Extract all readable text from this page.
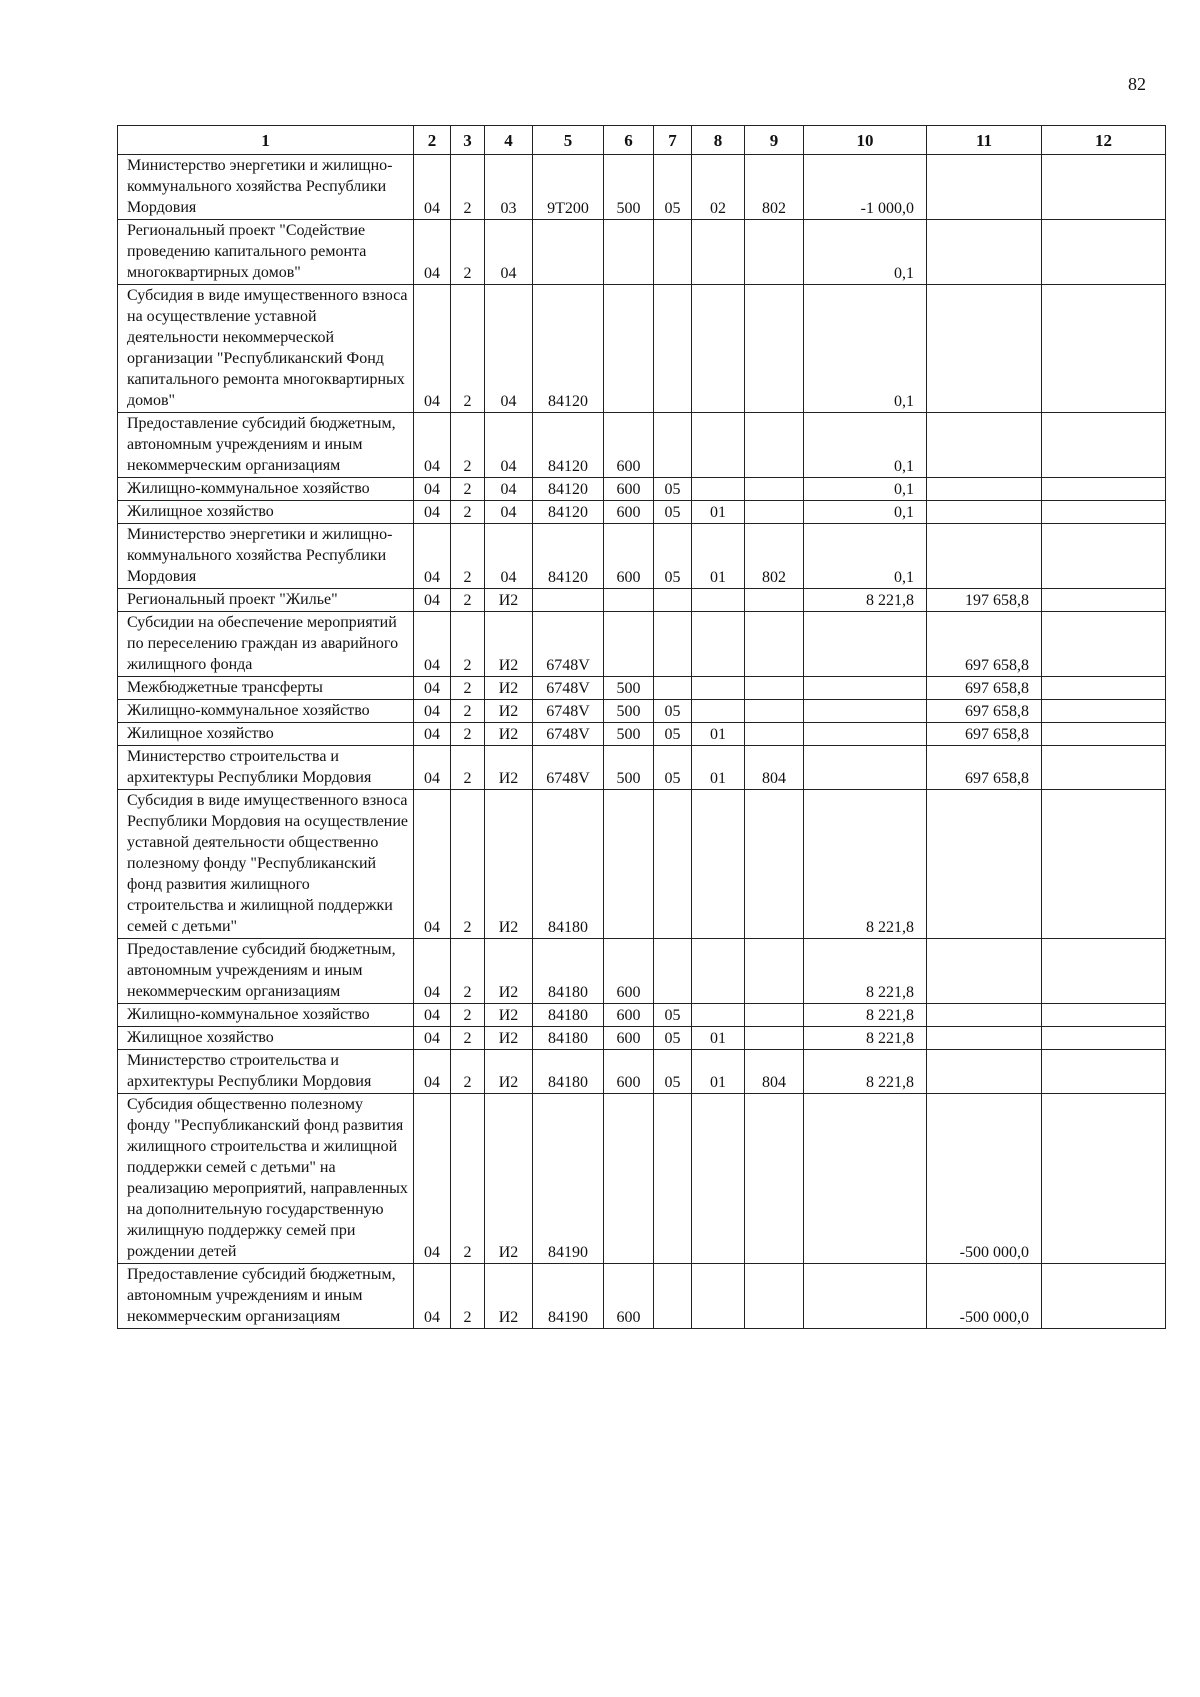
82
1	2	3	4	5	6	7	8	9	10	11	12
Министерство энергетики и жилищно-коммунального хозяйства Республики Мордовия	04	2	03	9Т200	500	05	02	802	-1 000,0		
Региональный проект "Содействие проведению капитального ремонта многоквартирных домов"	04	2	04						0,1		
Субсидия в виде имущественного взноса на осуществление уставной деятельности некоммерческой организации "Республиканский Фонд капитального ремонта многоквартирных домов"	04	2	04	84120					0,1		
Предоставление субсидий бюджетным, автономным учреждениям и иным некоммерческим организациям	04	2	04	84120	600				0,1		
Жилищно-коммунальное хозяйство	04	2	04	84120	600	05			0,1		
Жилищное хозяйство	04	2	04	84120	600	05	01		0,1		
Министерство энергетики и жилищно-коммунального хозяйства Республики Мордовия	04	2	04	84120	600	05	01	802	0,1		
Региональный проект "Жилье"	04	2	И2						8 221,8	197 658,8	
Субсидии на обеспечение мероприятий по переселению граждан из аварийного жилищного фонда	04	2	И2	6748V						697 658,8	
Межбюджетные трансферты	04	2	И2	6748V	500					697 658,8	
Жилищно-коммунальное хозяйство	04	2	И2	6748V	500	05				697 658,8	
Жилищное хозяйство	04	2	И2	6748V	500	05	01			697 658,8	
Министерство строительства и архитектуры Республики Мордовия	04	2	И2	6748V	500	05	01	804		697 658,8	
Субсидия в виде имущественного взноса Республики Мордовия на осуществление уставной деятельности общественно полезному фонду "Республиканский фонд развития жилищного строительства и жилищной поддержки семей с детьми"	04	2	И2	84180					8 221,8		
Предоставление субсидий бюджетным, автономным учреждениям и иным некоммерческим организациям	04	2	И2	84180	600				8 221,8		
Жилищно-коммунальное хозяйство	04	2	И2	84180	600	05			8 221,8		
Жилищное хозяйство	04	2	И2	84180	600	05	01		8 221,8		
Министерство строительства и архитектуры Республики Мордовия	04	2	И2	84180	600	05	01	804	8 221,8		
Субсидия общественно полезному фонду "Республиканский фонд развития жилищного строительства и жилищной поддержки семей с детьми" на реализацию мероприятий, направленных на дополнительную государственную жилищную поддержку семей при рождении детей	04	2	И2	84190						-500 000,0	
Предоставление субсидий бюджетным, автономным учреждениям и иным некоммерческим организациям	04	2	И2	84190	600					-500 000,0	
